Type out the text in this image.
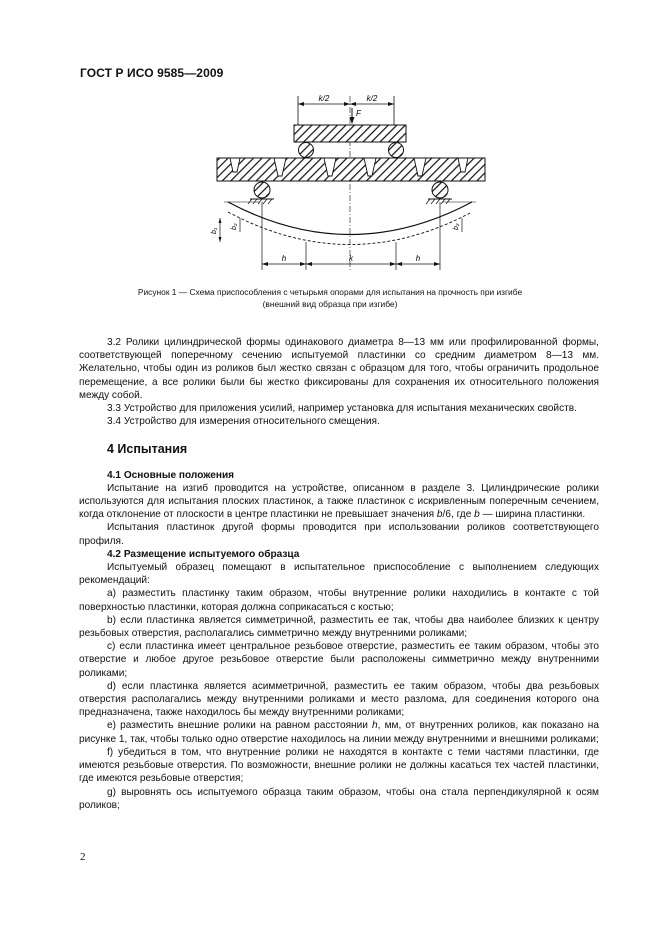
ГОСТ Р ИСО 9585—2009
k/2	k/2
F
b₁
b₂	b₂
h	k	h
Рисунок 1 — Схема приспособления с четырьмя опорами для испытания на прочность при изгибе
(внешний вид образца при изгибе)

3.2 Ролики цилиндрической формы одинакового диаметра 8—13 мм или профилированной формы, соответствующей поперечному сечению испытуемой пластинки со средним диаметром 8—13 мм. Желательно, чтобы один из роликов был жестко связан с образцом для того, чтобы ограничить продольное перемещение, а все ролики были бы жестко фиксированы для сохранения их относительного положения между собой.

3.3 Устройство для приложения усилий, например установка для испытания механических свойств.

3.4 Устройство для измерения относительного смещения.

4 Испытания

4.1 Основные положения

Испытание на изгиб проводится на устройстве, описанном в разделе 3. Цилиндрические ролики используются для испытания плоских пластинок, а также пластинок с искривленным поперечным сечением, когда отклонение от плоскости в центре пластинки не превышает значения b/6, где b — ширина пластинки.

Испытания пластинок другой формы проводится при использовании роликов соответствующего профиля.

4.2 Размещение испытуемого образца

Испытуемый образец помещают в испытательное приспособление с выполнением следующих рекомендаций:

a) разместить пластинку таким образом, чтобы внутренние ролики находились в контакте с той поверхностью пластинки, которая должна соприкасаться с костью;

b) если пластинка является симметричной, разместить ее так, чтобы два наиболее близких к центру резьбовых отверстия, располагались симметрично между внутренними роликами;

c) если пластинка имеет центральное резьбовое отверстие, разместить ее таким образом, чтобы это отверстие и любое другое резьбовое отверстие были расположены симметрично между внутренними роликами;

d) если пластинка является асимметричной, разместить ее таким образом, чтобы два резьбовых отверстия располагались между внутренними роликами и место разлома, для соединения которого она предназначена, также находилось бы между внутренними роликами;

e) разместить внешние ролики на равном расстоянии h, мм, от внутренних роликов, как показано на рисунке 1, так, чтобы только одно отверстие находилось на линии между внутренними и внешними роликами;

f) убедиться в том, что внутренние ролики не находятся в контакте с теми частями пластинки, где имеются резьбовые отверстия. По возможности, внешние ролики не должны касаться тех частей пластинки, где имеются резьбовые отверстия;

g) выровнять ось испытуемого образца таким образом, чтобы она стала перпендикулярной к осям роликов;

2
